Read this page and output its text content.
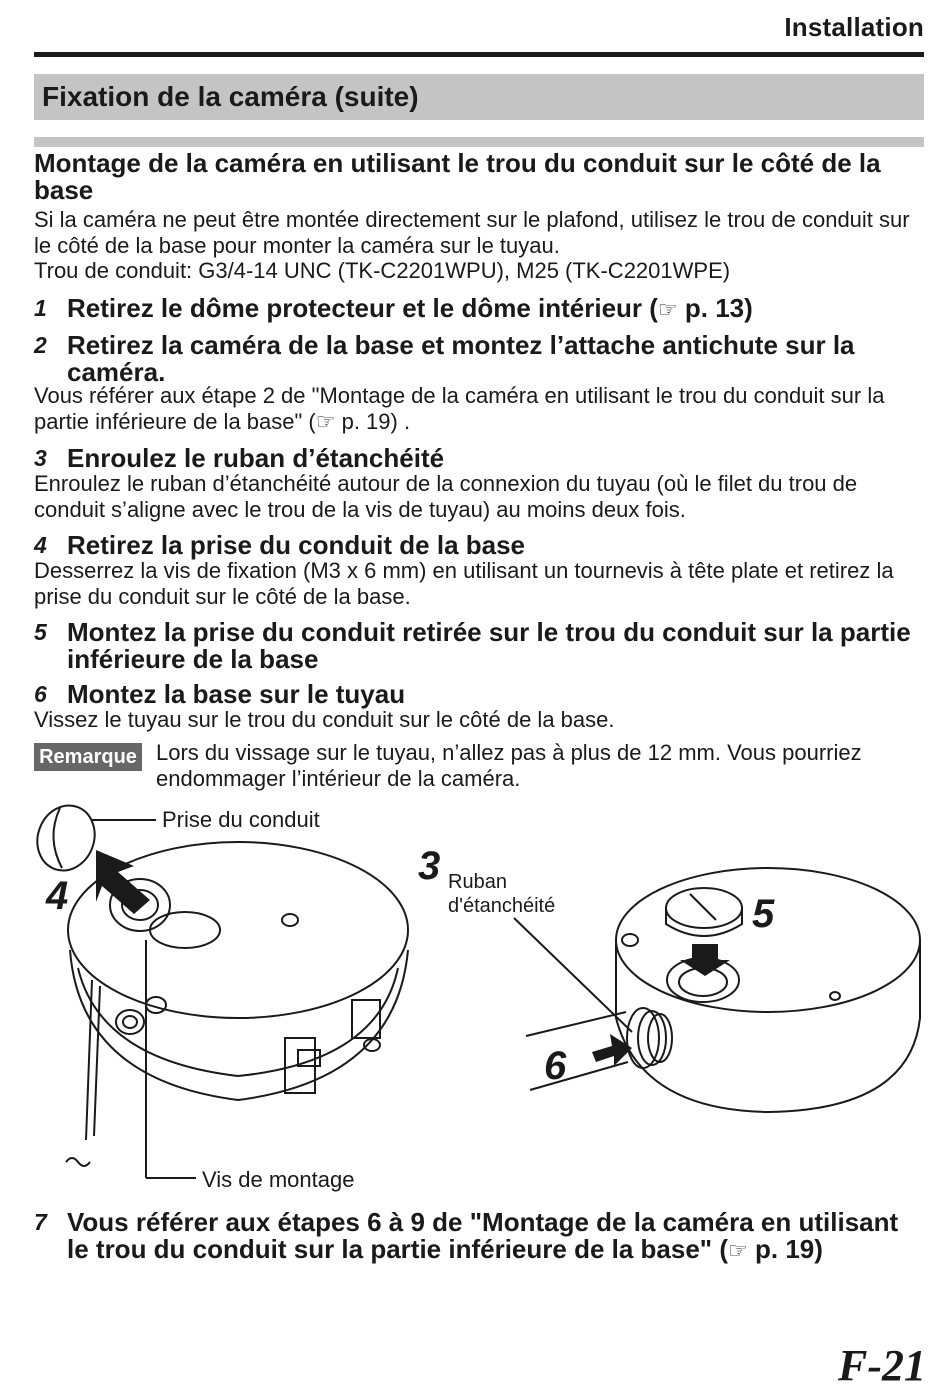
Installation
Fixation de la caméra (suite)
Montage de la caméra en utilisant le trou du conduit sur le côté de la base
Si la caméra ne peut être montée directement sur le plafond, utilisez le trou de conduit sur le côté de la base pour monter la caméra sur le tuyau.
Trou de conduit: G3/4-14 UNC (TK-C2201WPU), M25 (TK-C2201WPE)
1 Retirez le dôme protecteur et le dôme intérieur (☞ p. 13)
2 Retirez la caméra de la base et montez l’attache antichute sur la caméra.
Vous référer aux étape 2 de "Montage de la caméra en utilisant le trou du conduit sur la partie inférieure de la base" (☞ p. 19) .
3 Enroulez le ruban d’étanchéité
Enroulez le ruban d’étanchéité autour de la connexion du tuyau (où le filet du trou de conduit s’aligne avec le trou de la vis de tuyau) au moins deux fois.
4 Retirez la prise du conduit de la base
Desserrez la vis de fixation (M3 x 6 mm) en utilisant un tournevis à tête plate et retirez la prise du conduit sur le côté de la base.
5 Montez la prise du conduit retirée sur le trou du conduit sur la partie inférieure de la base
6 Montez la base sur le tuyau
Vissez le tuyau sur le trou du conduit sur le côté de la base.
Remarque Lors du vissage sur le tuyau, n’allez pas à plus de 12 mm. Vous pourriez endommager l’intérieur de la caméra.
Prise du conduit
Vis de montage
Ruban
d'étanchéité
4
3
5
6
7 Vous référer aux étapes 6 à 9 de "Montage de la caméra en utilisant le trou du conduit sur la partie inférieure de la base" (☞ p. 19)
F-21
